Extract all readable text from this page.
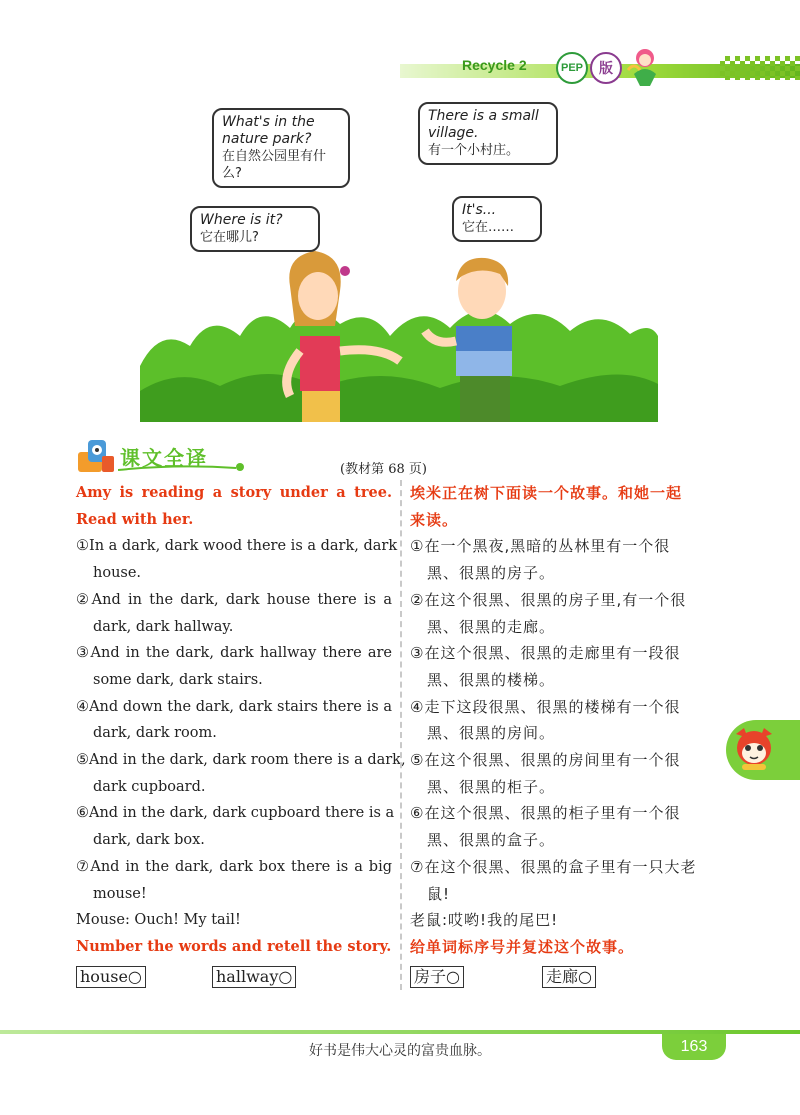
Recycle 2	PEP	版
What's in the nature park?
在自然公园里有什么?
Where is it?
它在哪儿?
There is a small village.
有一个小村庄。
It's...
它在……
课文全译	(教材第 68 页)
Amy is reading a story under a tree.
Read with her.
①In a dark, dark wood there is a dark, dark
house.
②And in the dark, dark house there is a
dark, dark hallway.
③And in the dark, dark hallway there are
some dark, dark stairs.
④And down the dark, dark stairs there is a
dark, dark room.
⑤And in the dark, dark room there is a dark,
dark cupboard.
⑥And in the dark, dark cupboard there is a
dark, dark box.
⑦And in the dark, dark box there is a big
mouse!
Mouse: Ouch! My tail!
Number the words and retell the story.
埃米正在树下面读一个故事。和她一起
来读。
①在一个黑夜,黑暗的丛林里有一个很
黑、很黑的房子。
②在这个很黑、很黑的房子里,有一个很
黑、很黑的走廊。
③在这个很黑、很黑的走廊里有一段很
黑、很黑的楼梯。
④走下这段很黑、很黑的楼梯有一个很
黑、很黑的房间。
⑤在这个很黑、很黑的房间里有一个很
黑、很黑的柜子。
⑥在这个很黑、很黑的柜子里有一个很
黑、很黑的盒子。
⑦在这个很黑、很黑的盒子里有一只大老
鼠!
老鼠:哎哟!我的尾巴!
给单词标序号并复述这个故事。
house○	hallway○	房子○	走廊○
好书是伟大心灵的富贵血脉。	163
